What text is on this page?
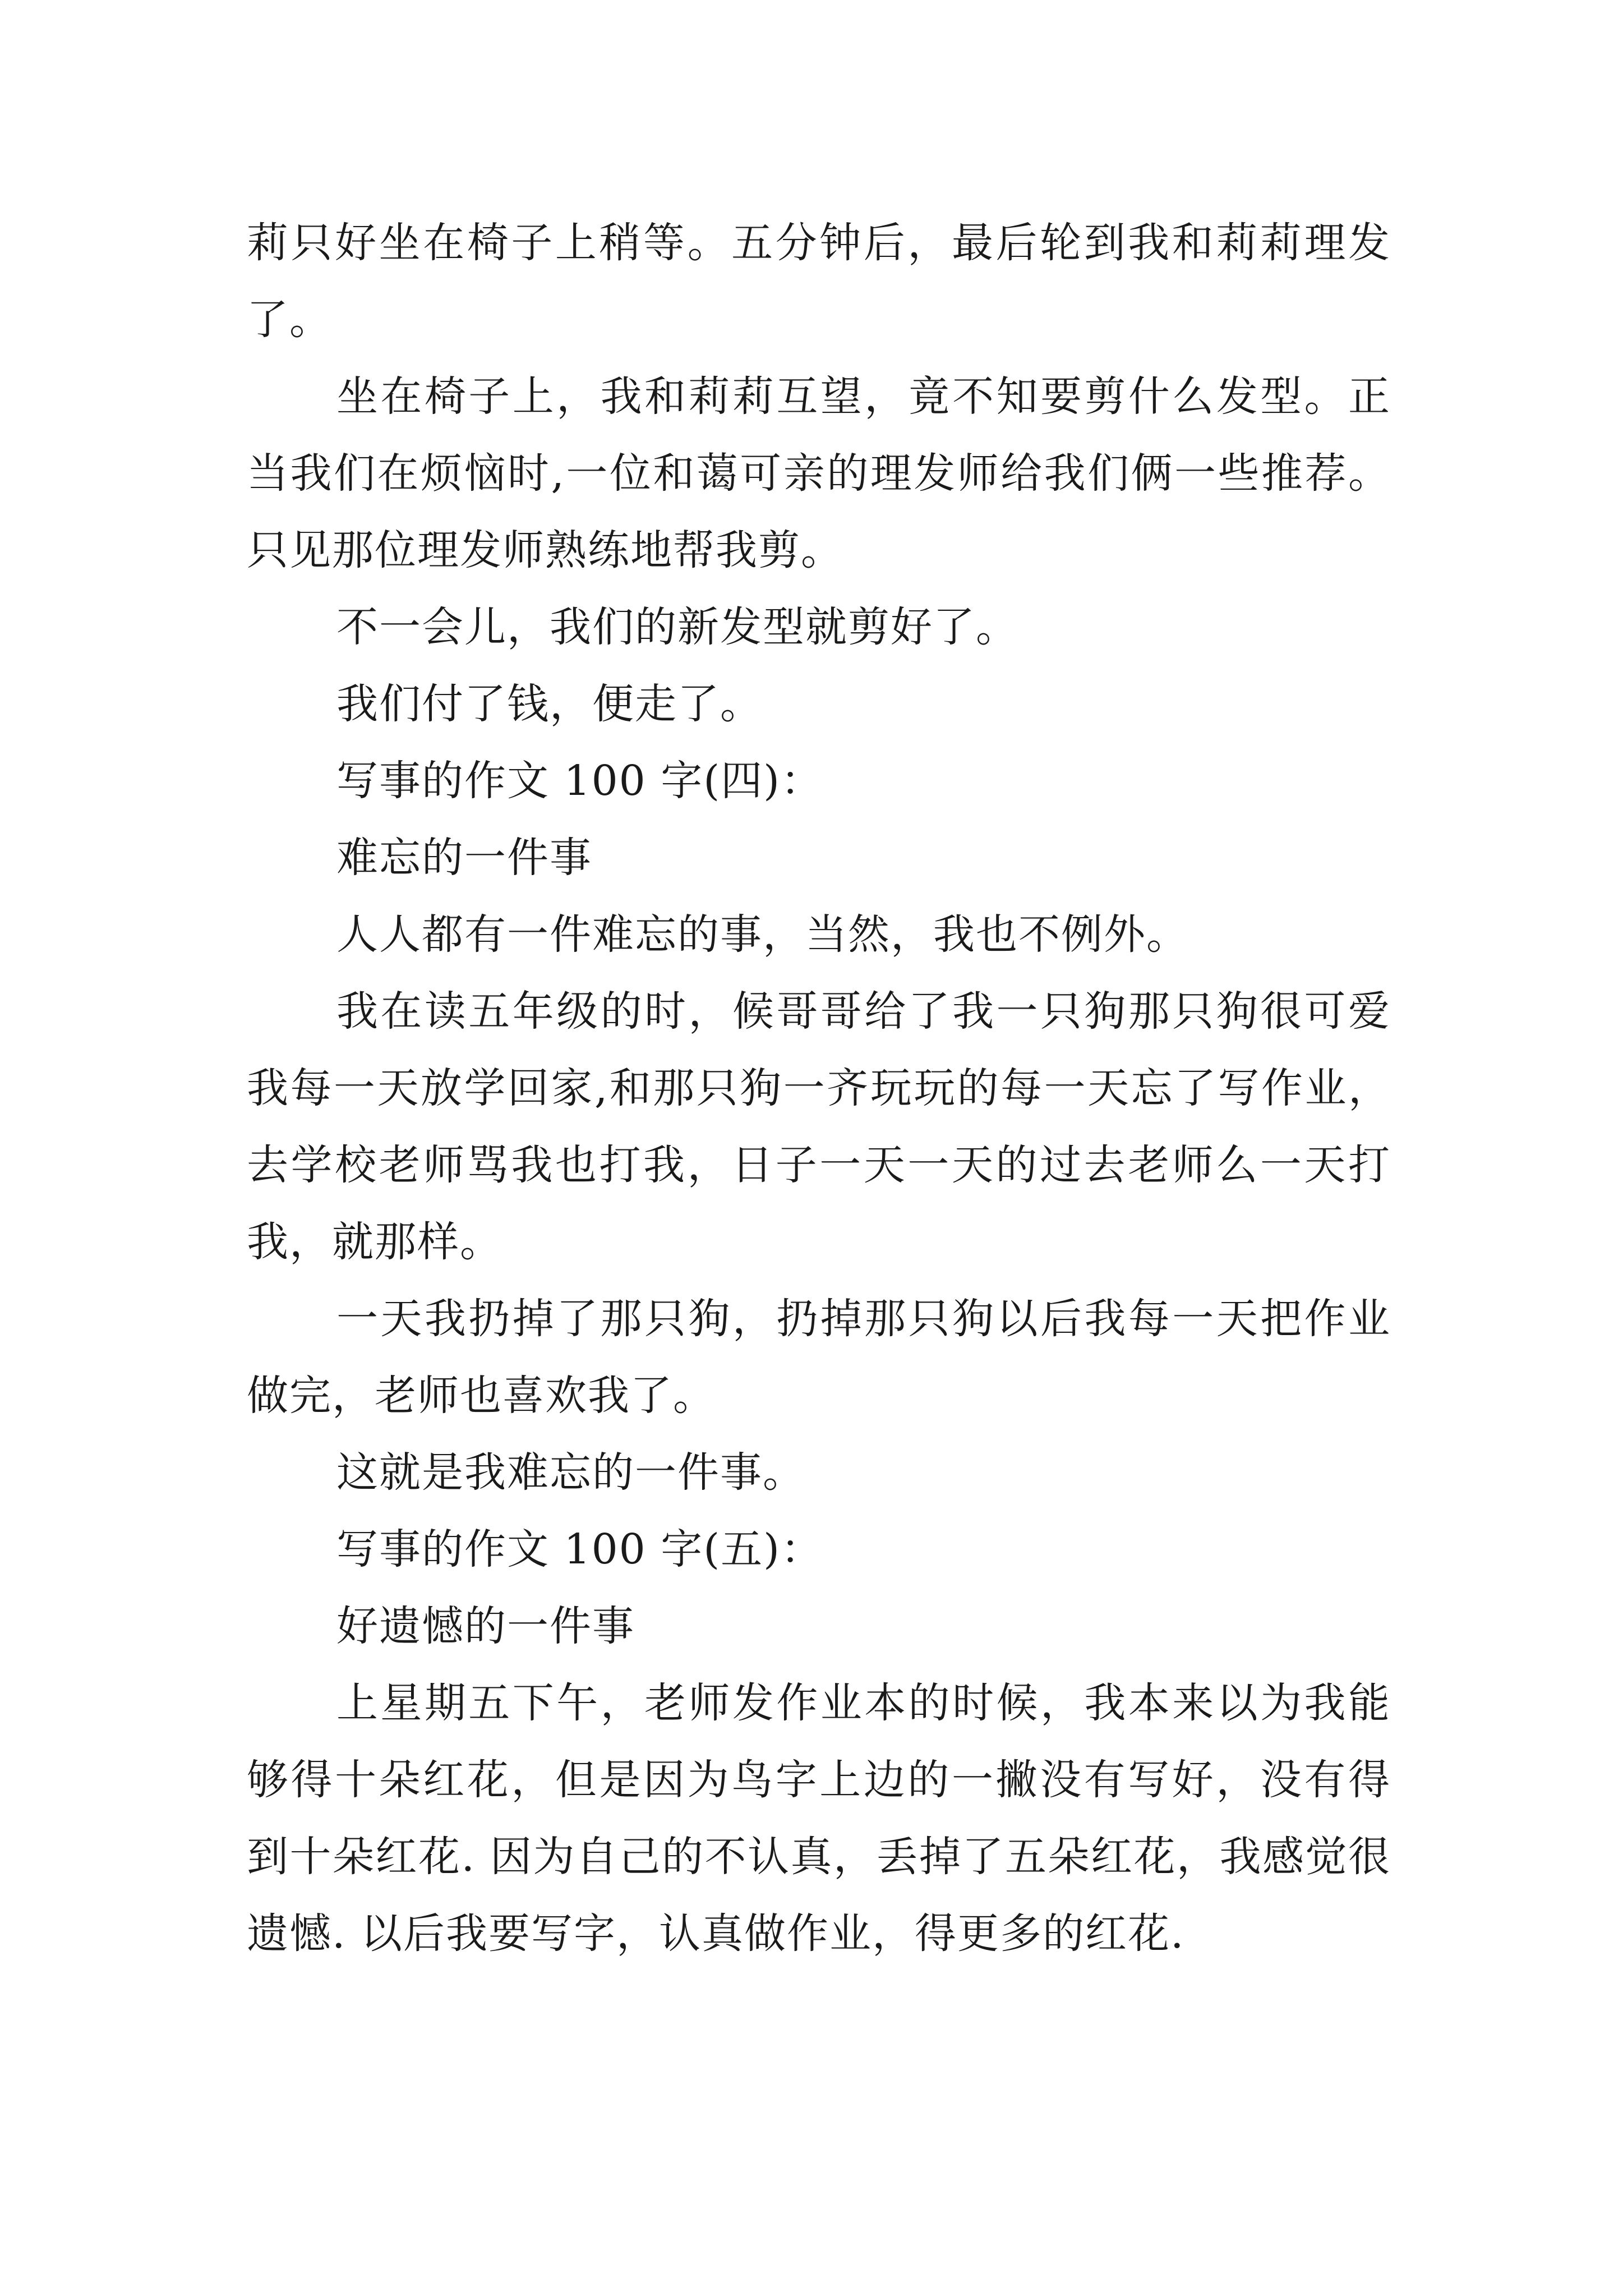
莉只好坐在椅子上稍等。五分钟后，最后轮到我和莉莉理发了。

坐在椅子上，我和莉莉互望，竟不知要剪什么发型。正当我们在烦恼时,一位和蔼可亲的理发师给我们俩一些推荐。只见那位理发师熟练地帮我剪。

不一会儿，我们的新发型就剪好了。

我们付了钱，便走了。

写事的作文 100 字(四)：

难忘的一件事

人人都有一件难忘的事，当然，我也不例外。

我在读五年级的时，候哥哥给了我一只狗那只狗很可爱我每一天放学回家,和那只狗一齐玩玩的每一天忘了写作业，去学校老师骂我也打我，日子一天一天的过去老师么一天打我，就那样。

一天我扔掉了那只狗，扔掉那只狗以后我每一天把作业做完，老师也喜欢我了。

这就是我难忘的一件事。

写事的作文 100 字(五)：

好遗憾的一件事

上星期五下午，老师发作业本的时候，我本来以为我能够得十朵红花，但是因为鸟字上边的一撇没有写好，没有得到十朵红花. 因为自己的不认真，丢掉了五朵红花，我感觉很遗憾. 以后我要写字，认真做作业，得更多的红花.
